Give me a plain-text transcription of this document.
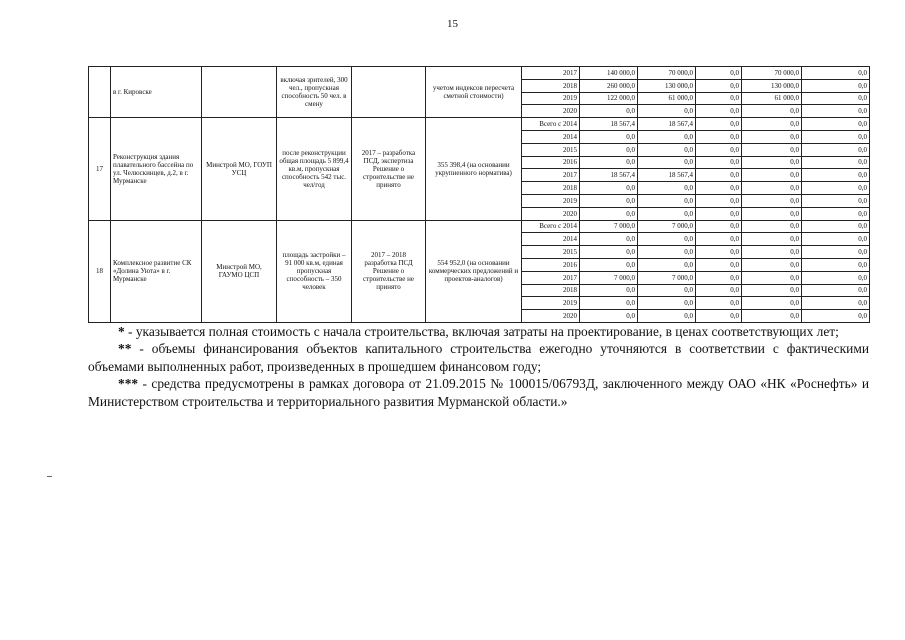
15
	в г. Кировске		включая зрителей, 300 чел., пропускная способность 50 чел. в смену		учетом индексов пересчета сметной стоимости)	2017	140 000,0	70 000,0	0,0	70 000,0	0,0
						2018	260 000,0	130 000,0	0,0	130 000,0	0,0
						2019	122 000,0	61 000,0	0,0	61 000,0	0,0
						2020	0,0	0,0	0,0	0,0	0,0
17	Реконструкция здания плавательного бассейна по ул. Челюскинцев, д.2, в г. Мурманске	Минстрой МО, ГОУП УСЦ	после реконструкции общая площадь 5 899,4 кв.м, пропускная способность 542 тыс. чел/год	2017 – разработка ПСД, экспертиза Решение о строительстве не принято	355 398,4 (на основании укрупненного норматива)	Всего с 2014	18 567,4	18 567,4	0,0	0,0	0,0
						2014	0,0	0,0	0,0	0,0	0,0
						2015	0,0	0,0	0,0	0,0	0,0
						2016	0,0	0,0	0,0	0,0	0,0
						2017	18 567,4	18 567,4	0,0	0,0	0,0
						2018	0,0	0,0	0,0	0,0	0,0
						2019	0,0	0,0	0,0	0,0	0,0
						2020	0,0	0,0	0,0	0,0	0,0
18	Комплексное развитие СК «Долина Уюта» в г. Мурманске	Минстрой МО, ГАУМО ЦСП	площадь застройки – 91 000 кв.м, единая пропускная способность – 350 человек	2017 – 2018 разработка ПСД Решение о строительстве не принято	554 952,0 (на основании коммерческих предложений и проектов-аналогов)	Всего с 2014	7 000,0	7 000,0	0,0	0,0	0,0
						2014	0,0	0,0	0,0	0,0	0,0
						2015	0,0	0,0	0,0	0,0	0,0
						2016	0,0	0,0	0,0	0,0	0,0
						2017	7 000,0	7 000,0	0,0	0,0	0,0
						2018	0,0	0,0	0,0	0,0	0,0
						2019	0,0	0,0	0,0	0,0	0,0
						2020	0,0	0,0	0,0	0,0	0,0

* - указывается полная стоимость с начала строительства, включая затраты на проектирование, в ценах соответствующих лет;

** - объемы финансирования объектов капитального строительства ежегодно уточняются в соответствии с фактическими объемами выполненных работ, произведенных в прошедшем финансовом году;

*** - средства предусмотрены в рамках договора от 21.09.2015 № 100015/06793Д, заключенного между ОАО «НК «Роснефть» и Министерством строительства и территориального развития Мурманской области.»
